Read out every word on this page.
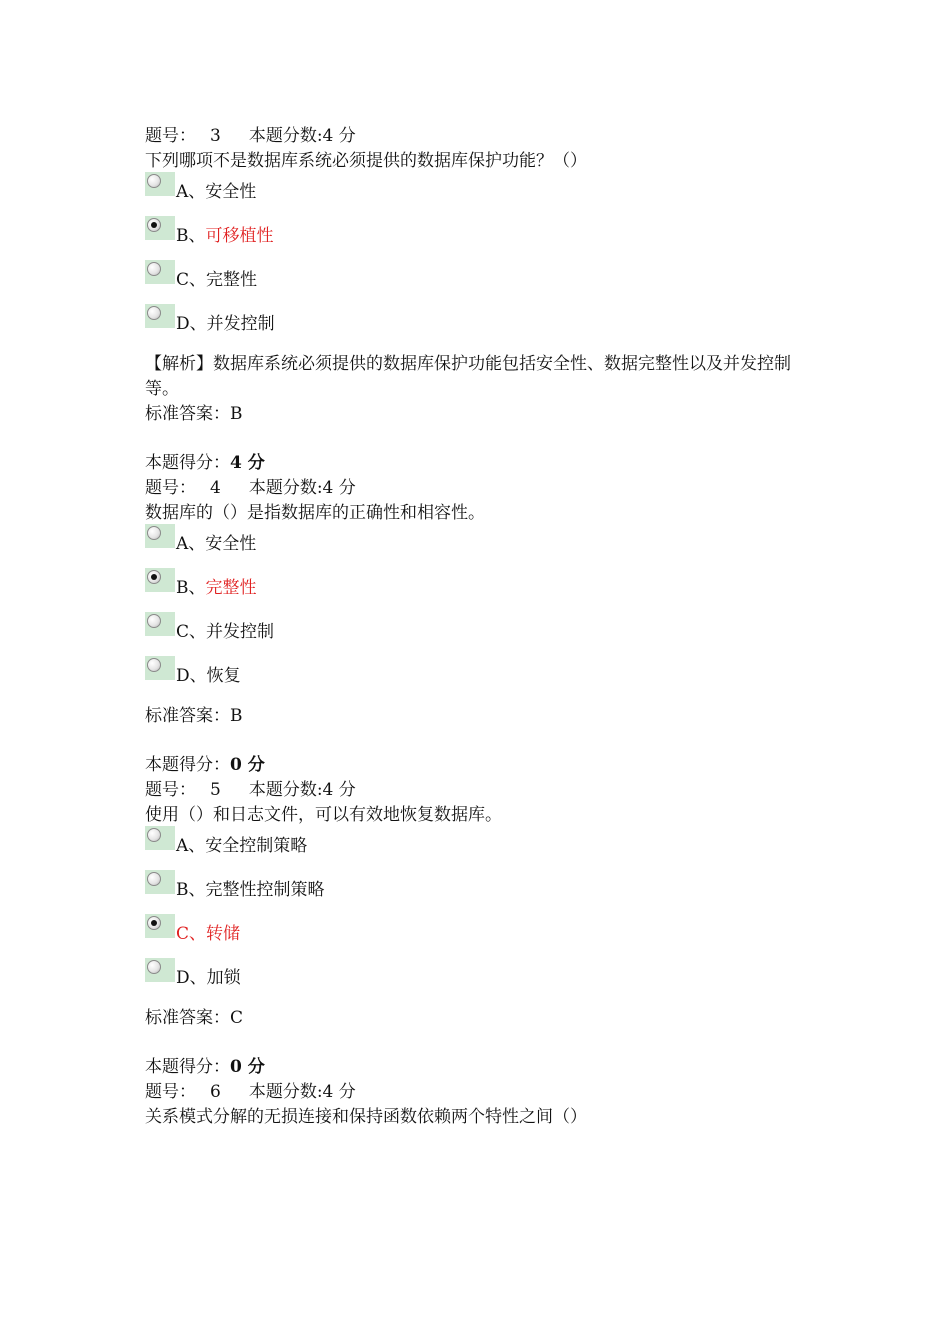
题号： 3 本题分数:4 分
下列哪项不是数据库系统必须提供的数据库保护功能？（）
A、安全性
B、可移植性
C、完整性
D、并发控制
【解析】数据库系统必须提供的数据库保护功能包括安全性、数据完整性以及并发控制等。
标准答案：B
本题得分：4 分
题号： 4 本题分数:4 分
数据库的（）是指数据库的正确性和相容性。
A、安全性
B、完整性
C、并发控制
D、恢复
标准答案：B
本题得分：0 分
题号： 5 本题分数:4 分
使用（）和日志文件，可以有效地恢复数据库。
A、安全控制策略
B、完整性控制策略
C、转储
D、加锁
标准答案：C
本题得分：0 分
题号： 6 本题分数:4 分
关系模式分解的无损连接和保持函数依赖两个特性之间（）
